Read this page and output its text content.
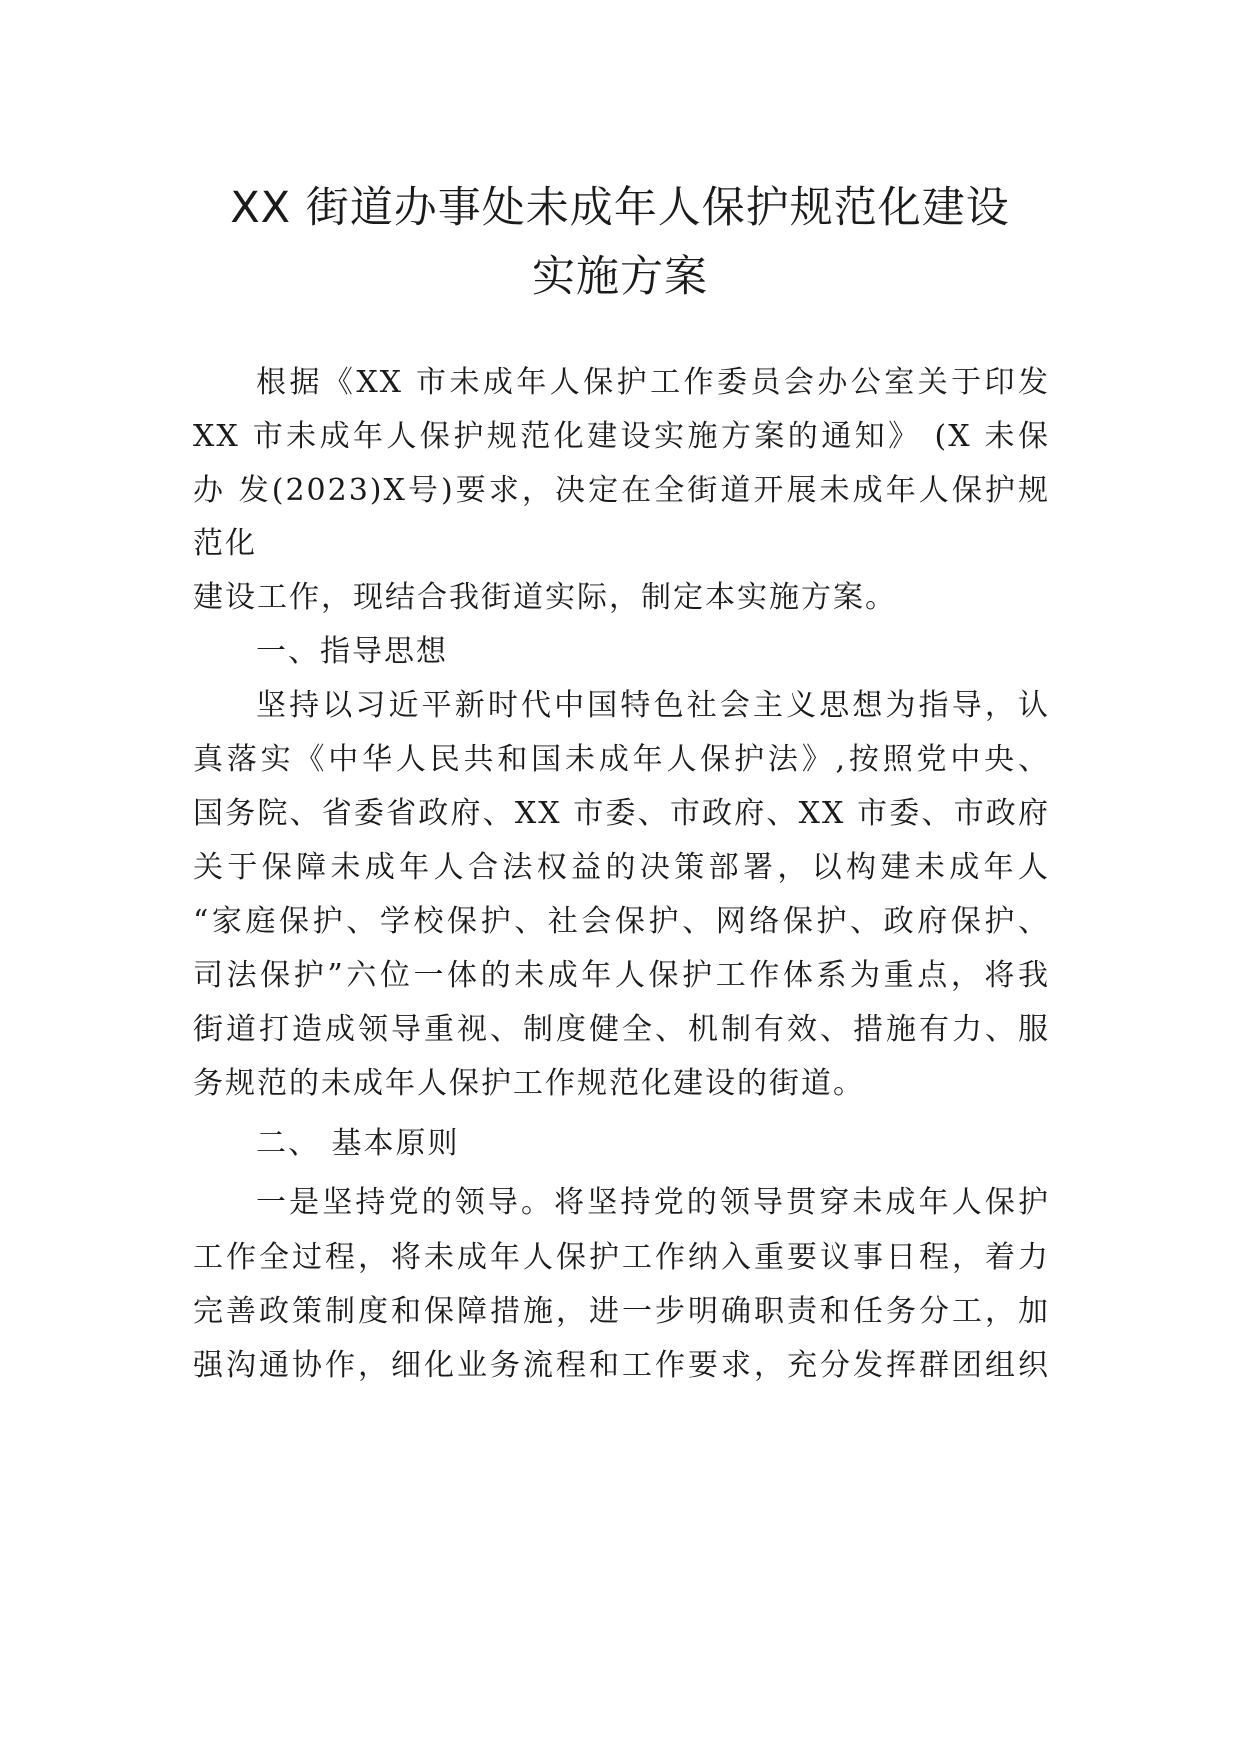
XX 街道办事处未成年人保护规范化建设
实施方案
根据《XX 市未成年人保护工作委员会办公室关于印发
XX 市未成年人保护规范化建设实施方案的通知》 (X 未保
办 发(2023)X号)要求，决定在全街道开展未成年人保护规
范化
建设工作，现结合我街道实际，制定本实施方案。
一、指导思想
坚持以习近平新时代中国特色社会主义思想为指导，认
真落实《中华人民共和国未成年人保护法》,按照党中央、
国务院、省委省政府、XX 市委、市政府、XX 市委、市政府
关于保障未成年人合法权益的决策部署，以构建未成年人
“家庭保护、学校保护、社会保护、网络保护、政府保护、
司法保护”六位一体的未成年人保护工作体系为重点，将我
街道打造成领导重视、制度健全、机制有效、措施有力、服
务规范的未成年人保护工作规范化建设的街道。
二、 基本原则
一是坚持党的领导。将坚持党的领导贯穿未成年人保护
工作全过程，将未成年人保护工作纳入重要议事日程，着力
完善政策制度和保障措施，进一步明确职责和任务分工，加
强沟通协作，细化业务流程和工作要求，充分发挥群团组织
